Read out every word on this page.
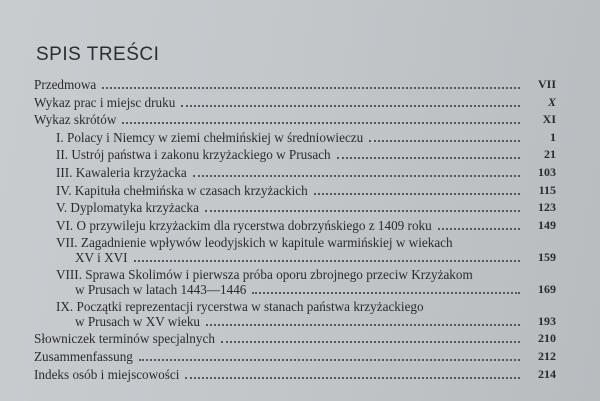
SPIS TREŚCI
Przedmowa	VII
Wykaz prac i miejsc druku	X
Wykaz skrótów	XI
I. Polacy i Niemcy w ziemi chełmińskiej w średniowieczu	1
II. Ustrój państwa i zakonu krzyżackiego w Prusach	21
III. Kawaleria krzyżacka	103
IV. Kapituła chełmińska w czasach krzyżackich	115
V. Dyplomatyka krzyżacka	123
VI. O przywileju krzyżackim dla rycerstwa dobrzyńskiego z 1409 roku	149
VII. Zagadnienie wpływów leodyjskich w kapitule warmińskiej w wiekach
XV i XVI	159
VIII. Sprawa Skolimów i pierwsza próba oporu zbrojnego przeciw Krzyżakom
w Prusach w latach 1443—1446	169
IX. Początki reprezentacji rycerstwa w stanach państwa krzyżackiego
w Prusach w XV wieku	193
Słowniczek terminów specjalnych	210
Zusammenfassung	212
Indeks osób i miejscowości	214
